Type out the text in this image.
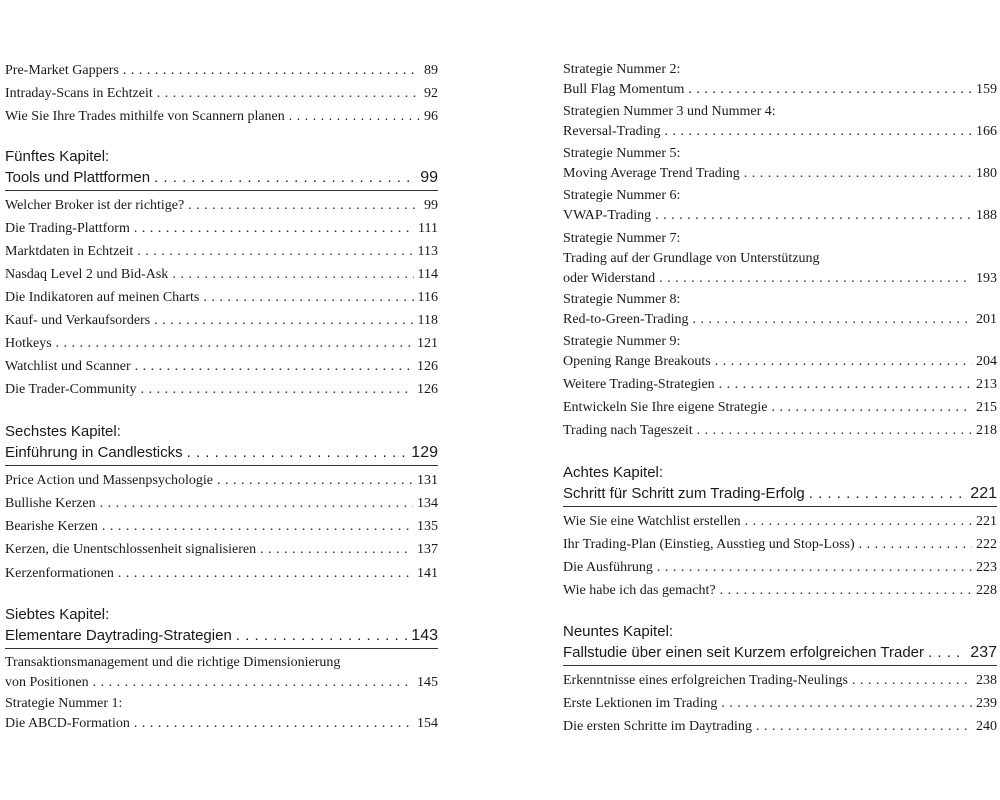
Pre-Market Gappers . . .	89
Intraday-Scans in Echtzeit . . .	92
Wie Sie Ihre Trades mithilfe von Scannern planen . . .	96
Fünftes Kapitel:
Tools und Plattformen . . .	99
Welcher Broker ist der richtige? . . .	99
Die Trading-Plattform . . .	111
Marktdaten in Echtzeit . . .	113
Nasdaq Level 2 und Bid-Ask . . .	114
Die Indikatoren auf meinen Charts . . .	116
Kauf- und Verkaufsorders . . .	118
Hotkeys . . .	121
Watchlist und Scanner . . .	126
Die Trader-Community . . .	126
Sechstes Kapitel:
Einführung in Candlesticks . . .	129
Price Action und Massenpsychologie . . .	131
Bullishe Kerzen . . .	134
Bearishe Kerzen . . .	135
Kerzen, die Unentschlossenheit signalisieren . . .	137
Kerzenformationen . . .	141
Siebtes Kapitel:
Elementare Daytrading-Strategien . . .	143
Transaktionsmanagement und die richtige Dimensionierung
von Positionen . . .	145
Strategie Nummer 1:
Die ABCD-Formation . . .	154
Strategie Nummer 2:
Bull Flag Momentum . . .	159
Strategien Nummer 3 und Nummer 4:
Reversal-Trading . . .	166
Strategie Nummer 5:
Moving Average Trend Trading . . .	180
Strategie Nummer 6:
VWAP-Trading . . .	188
Strategie Nummer 7:
Trading auf der Grundlage von Unterstützung
oder Widerstand . . .	193
Strategie Nummer 8:
Red-to-Green-Trading . . .	201
Strategie Nummer 9:
Opening Range Breakouts . . .	204
Weitere Trading-Strategien . . .	213
Entwickeln Sie Ihre eigene Strategie . . .	215
Trading nach Tageszeit . . .	218
Achtes Kapitel:
Schritt für Schritt zum Trading-Erfolg . . .	221
Wie Sie eine Watchlist erstellen . . .	221
Ihr Trading-Plan (Einstieg, Ausstieg und Stop-Loss) . . .	222
Die Ausführung . . .	223
Wie habe ich das gemacht? . . .	228
Neuntes Kapitel:
Fallstudie über einen seit Kurzem erfolgreichen Trader . . .	237
Erkenntnisse eines erfolgreichen Trading-Neulings . . .	238
Erste Lektionen im Trading . . .	239
Die ersten Schritte im Daytrading . . .	240
